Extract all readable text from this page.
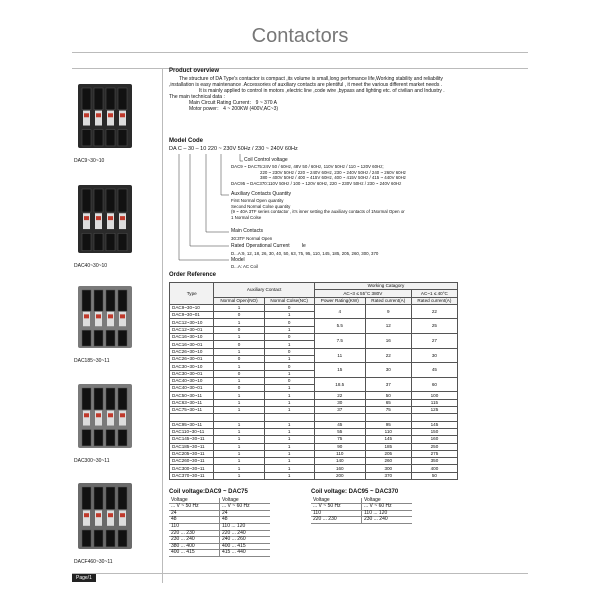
Contactors
DAC9~30~10
DAC40~30~10
DAC185~30~11
DAC300~30~11
DACF460~30~11
Product overview

The structure of DA Type's contactor is compact ,its volume is small,long perfomance life,Working stability and reliability ,installation is easy maintenance .Accessories of auxiliary contacts are plentiful , it meet the various different market needs .

It is mainly applied to control in motors ,electric line ,code wire ,bypass and lighting etc. of civilian and Industry .

The main technical data :

Main Circuit Rating Current： 9 ~ 370 A

Motor power： 4 ~ 200KW (400V,AC~3)

Model Code
DA C – 30 – 10 220 ~ 230V 50Hz / 230 ~ 240V 60Hz
Coil Control voltage
DAC9 ~ DAC75:24V 50 / 60Hz, 48V 50 / 60Hz, 110V 50Hz / 110 ~ 120V 60Hz;
220 ~ 230V 50Hz / 220 ~ 240V 60Hz, 230 ~ 240V 50Hz / 240 ~ 260V 60Hz
380 ~ 400V 50Hz / 400 ~ 415V 60Hz, 400 ~ 415V 50Hz / 415 ~ 440V 60Hz
DAC95 ~ DAC370:110V 50Hz / 100 ~ 120V 60Hz, 220 ~ 230V 50Hz / 230 ~ 240V 60Hz
Auxiliary Contacts Quantity
First Normal Open quantity
Second Normal Colse quantity
(9 ~ 40A 3TF series contactor , it's inner setting the auxiliary contacts of 1Normal Open or
1 Normal Colse
Main Contacts
30:3TF Normal Open
Rated Operational Current Ie
D...A:9, 12, 18, 26, 30, 40, 50, 63, 75, 95, 110, 145, 185, 205, 260, 300, 370
Model
D...A: AC Coil
Order Reference
Type	Auxiliary Contact		Working Catagory		
			AC~3 ≤ 55°C 380V		AC~1 ≤ 40°C
	Normal Open(NO)	Normal Colse(NC)	Power Rating(KW)	Rated current(A)	Rated current(A)
DAC9~30~10	1	0	4	9	22
DAC9~30~01	0	1			
DAC12~30~10	1	0	5.5	12	25
DAC12~30~01	0	1			
DAC16~30~10	1	0	7.5	16	27
DAC16~30~01	0	1			
DAC26~30~10	1	0	11	22	30
DAC26~30~01	0	1			
DAC30~30~10	1	0	15	30	45
DAC30~30~01	0	1			
DAC40~30~10	1	0	18.5	37	60
DAC40~30~01	0	1			
DAC50~30~11	1	1	22	50	100
DAC63~30~11	1	1	30	65	115
DAC75~30~11	1	1	37	75	125

DAC95~30~11	1	1	45	95	145
DAC110~30~11	1	1	55	110	150
DAC145~30~11	1	1	75	145	160
DAC185~30~11	1	1	90	185	250
DAC205~30~11	1	1	110	205	275
DAC260~30~11	1	1	140	260	350
DAC300~30~11	1	1	160	300	400
DAC370~30~11	1	1	200	370	50
Coil voltage:DAC9 ~ DAC75
Voltage	Voltage
... V ~ 50 Hz	... V ~ 60 Hz
24	24
48	48
110	110 ... 120
220 ... 230	220 ... 240
230 ... 240	240 ... 260
380 ... 400	400 ... 415
400 ... 415	415 ... 440
Coil voltage: DAC95 ~ DAC370
Voltage	Voltage
... V ~ 50 Hz	... V ~ 60 Hz
110	110 ... 120
220 ... 230	230 ... 240
Page/1
